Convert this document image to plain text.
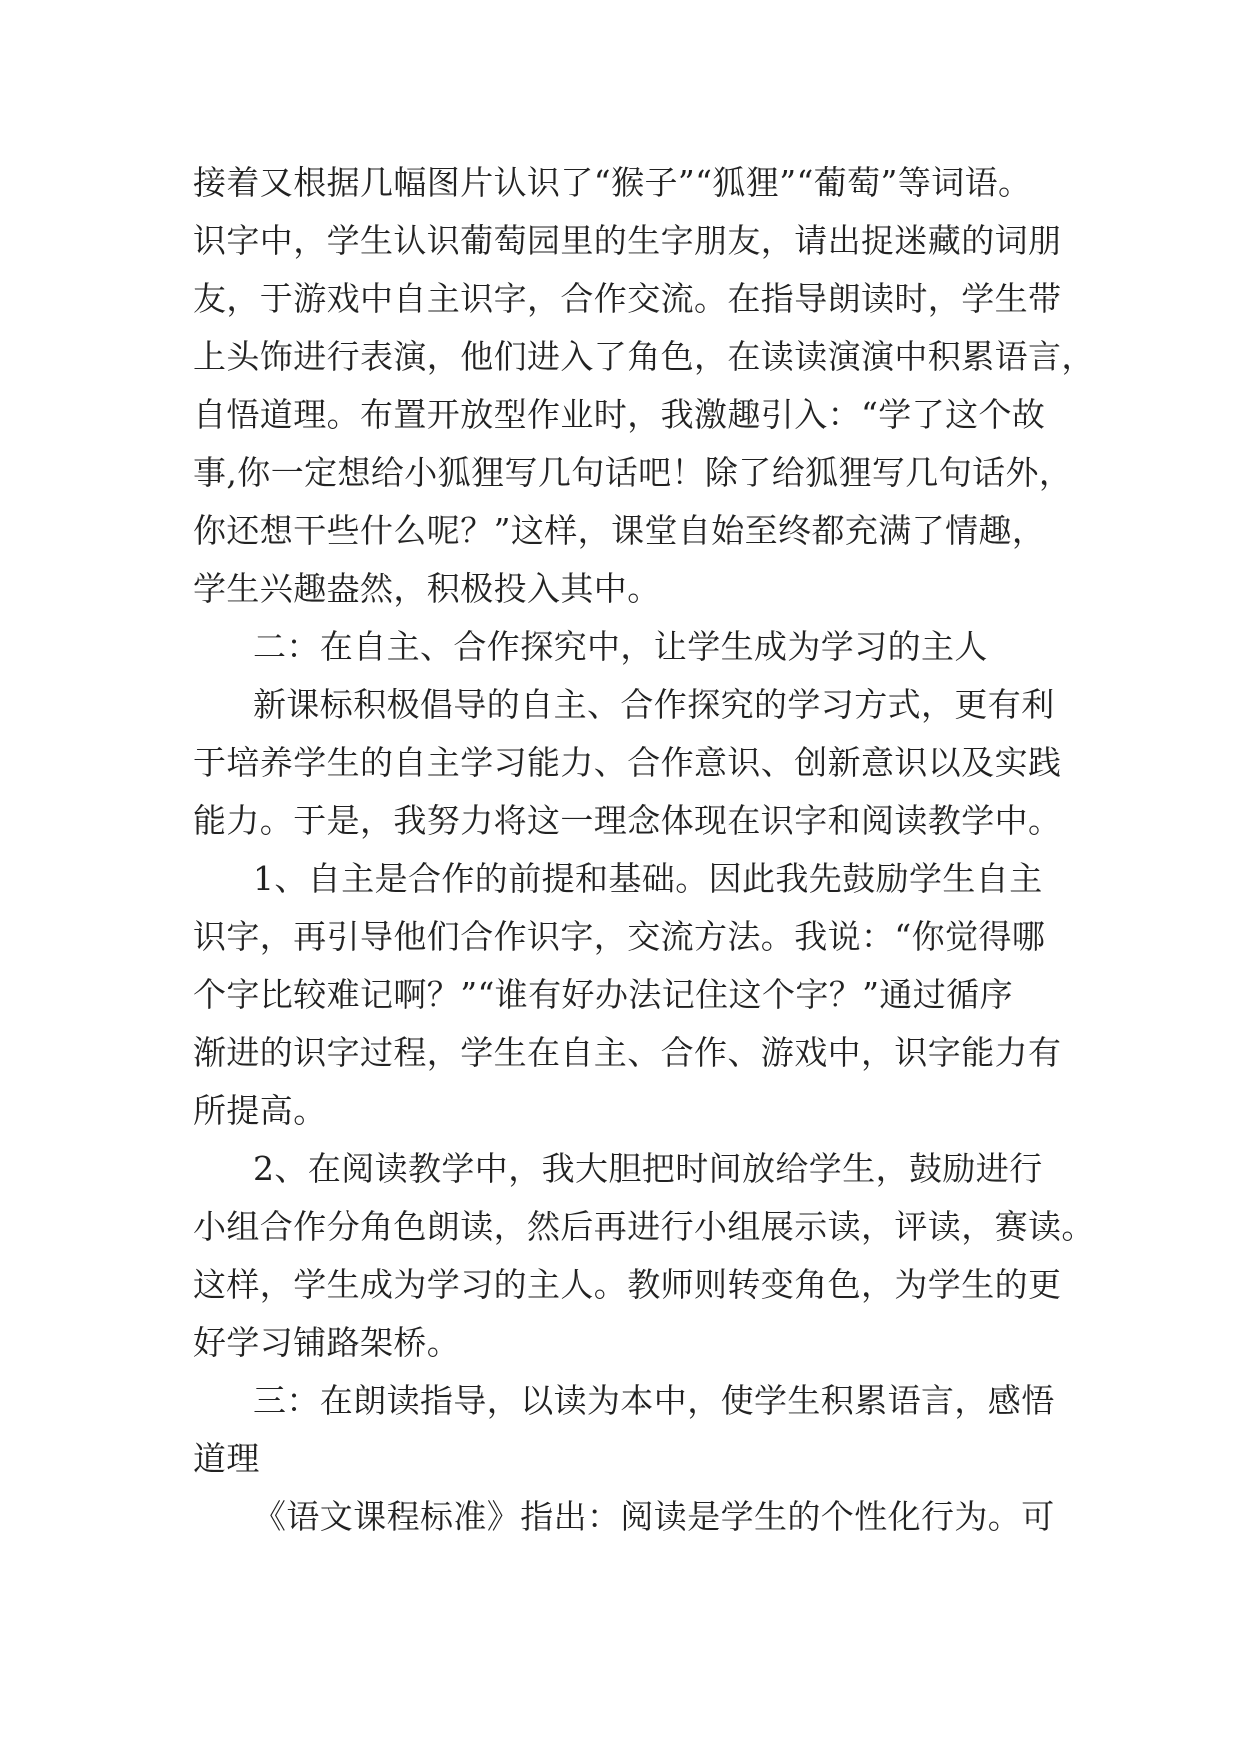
接着又根据几幅图片认识了“猴子”“狐狸”“葡萄”等词语。
识字中，学生认识葡萄园里的生字朋友，请出捉迷藏的词朋
友，于游戏中自主识字，合作交流。在指导朗读时，学生带
上头饰进行表演，他们进入了角色，在读读演演中积累语言，
自悟道理。布置开放型作业时，我激趣引入：“学了这个故
事,你一定想给小狐狸写几句话吧！除了给狐狸写几句话外，
你还想干些什么呢？”这样，课堂自始至终都充满了情趣，
学生兴趣盎然，积极投入其中。
二：在自主、合作探究中，让学生成为学习的主人
新课标积极倡导的自主、合作探究的学习方式，更有利
于培养学生的自主学习能力、合作意识、创新意识以及实践
能力。于是，我努力将这一理念体现在识字和阅读教学中。
1、自主是合作的前提和基础。因此我先鼓励学生自主
识字，再引导他们合作识字，交流方法。我说：“你觉得哪
个字比较难记啊？”“谁有好办法记住这个字？”通过循序
渐进的识字过程，学生在自主、合作、游戏中，识字能力有
所提高。
2、在阅读教学中，我大胆把时间放给学生，鼓励进行
小组合作分角色朗读，然后再进行小组展示读，评读，赛读。
这样，学生成为学习的主人。教师则转变角色，为学生的更
好学习铺路架桥。
三：在朗读指导，以读为本中，使学生积累语言，感悟
道理
《语文课程标准》指出：阅读是学生的个性化行为。可
